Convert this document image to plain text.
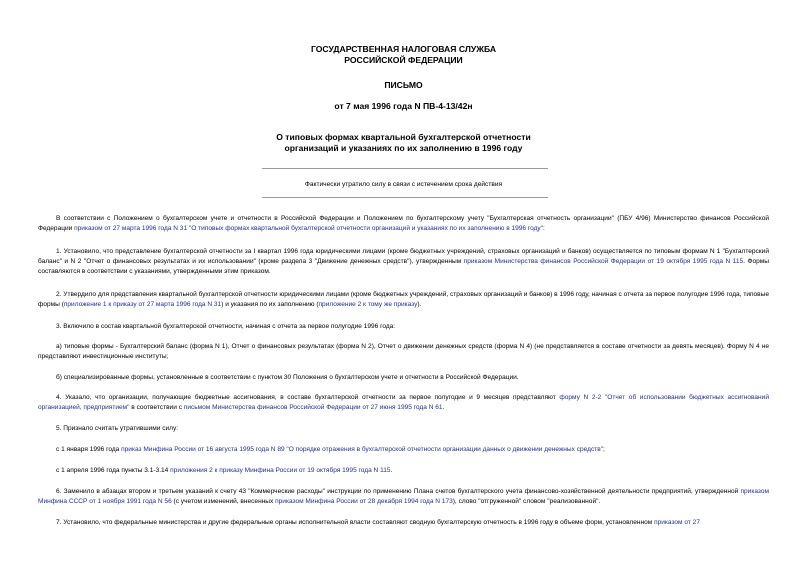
ГОСУДАРСТВЕННАЯ НАЛОГОВАЯ СЛУЖБА
РОССИЙСКОЙ ФЕДЕРАЦИИ
ПИСЬМО
от 7 мая 1996 года N ПВ-4-13/42н
О типовых формах квартальной бухгалтерской отчетности
организаций и указаниях по их заполнению в 1996 году
Фактически утратило силу в связи с истечением срока действия
В соответствии с Положением о бухгалтерском учете и отчетности в Российской Федерации и Положением по бухгалтерскому учету "Бухгалтерская отчетность организации" (ПБУ 4/96) Министерство финансов Российской Федерации приказом от 27 марта 1996 года N 31 "О типовых формах квартальной бухгалтерской отчетности организаций и указаниях по их заполнению в 1996 году":
1. Установило, что представление бухгалтерской отчетности за I квартал 1996 года юридическими лицами (кроме бюджетных учреждений, страховых организаций и банков) осуществляется по типовым формам N 1 "Бухгалтерский баланс" и N 2 "Отчет о финансовых результатах и их использовании" (кроме раздела 3 "Движение денежных средств"), утвержденным приказом Министерства финансов Российской Федерации от 19 октября 1995 года N 115. Формы составляются в соответствии с указаниями, утвержденными этим приказом.
2. Утвердило для представления квартальной бухгалтерской отчетности юридическими лицами (кроме бюджетных учреждений, страховых организаций и банков) в 1996 году, начиная с отчета за первое полугодие 1996 года, типовые формы (приложение 1 к приказу от 27 марта 1996 года N 31) и указания по их заполнению (приложение 2 к тому же приказу).
3. Включило в состав квартальной бухгалтерской отчетности, начиная с отчета за первое полугодие 1996 года:
а) типовые формы - Бухгалтерский баланс (форма N 1), Отчет о финансовых результатах (форма N 2), Отчет о движении денежных средств (форма N 4) (не представляется в составе отчетности за девять месяцев). Форму N 4 не представляют инвестиционные институты;
б) специализированные формы, установленные в соответствии с пунктом 30 Положения о бухгалтерском учете и отчетности в Российской Федерации.
4. Указало, что организации, получающие бюджетные ассигнования, в составе бухгалтерской отчетности за первое полугодие и 9 месяцев представляют форму N 2-2 "Отчет об использовании бюджетных ассигнований организацией, предприятием" в соответствии с письмом Министерства финансов Российской Федерации от 27 июня 1995 года N 61.
5. Признало считать утратившими силу:
с 1 января 1996 года приказ Минфина России от 16 августа 1995 года N 89 "О порядке отражения в бухгалтерской отчетности организации данных о движении денежных средств";
с 1 апреля 1996 года пункты 3.1-3.14 приложения 2 к приказу Минфина России от 19 октября 1995 года N 115.
6. Заменило в абзацах втором и третьем указаний к счету 43 "Коммерческие расходы" инструкции по применению Плана счетов бухгалтерского учета финансово-хозяйственной деятельности предприятий, утвержденной приказом Минфина СССР от 1 ноября 1991 года N 56 (с учетом изменений, внесенных приказом Минфина России от 28 декабря 1994 года N 173), слово "отгруженной" словом "реализованной".
7. Установило, что федеральные министерства и другие федеральные органы исполнительной власти составляют сводную бухгалтерскую отчетность в 1996 году в объеме форм, установленном приказом от 27
